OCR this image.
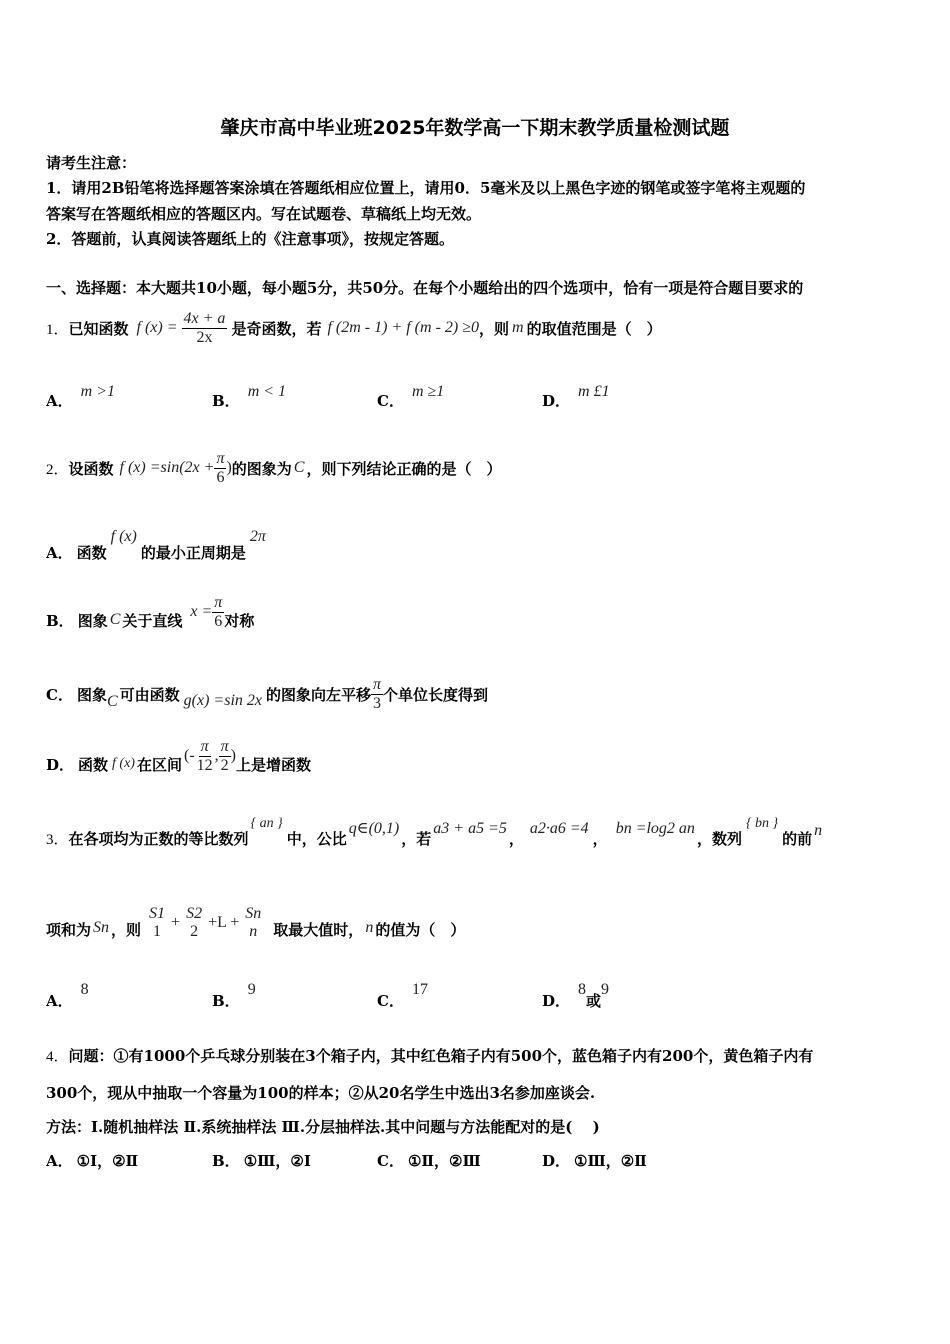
肇庆市高中毕业班2025年数学高一下期末教学质量检测试题
请考生注意：
1．请用2B铅笔将选择题答案涂填在答题纸相应位置上，请用0．5毫米及以上黑色字迹的钢笔或签字笔将主观题的
答案写在答题纸相应的答题区内。写在试题卷、草稿纸上均无效。
2．答题前，认真阅读答题纸上的《注意事项》，按规定答题。
一、选择题：本大题共10小题，每小题5分，共50分。在每个小题给出的四个选项中，恰有一项是符合题目要求的
1． 已知函数 f $(x) = \frac{4x + a}{2x}$ 是奇函数，若 f (2m - 1) + f (m - 2) ≥0 ，则 m 的取值范围是（　）
A．m >1
B．m < 1
C．m ≥1
D．m £1
2． 设函数 f $(x) =\sin(2x + \frac{\pi}{6}$ ) 的图象为 C ，则下列结论正确的是（　）
A． 函数
f (x)
的最小正周期是
2π
B． 图象 C 关于直线 $x = \frac{\pi}{6}$ 对称
C． 图象 C 可由函数 g(x) =sin 2x 的图象向左平移 $\frac{\pi}{3}$ 个单位长度得到
D． 函数 f (x) 在区间 (- $\frac{\pi}{12}$ , $\frac{\pi}{2}$ ) 上是增函数
3． 在各项均为正数的等比数列
{ an }
中，公比
q∈(0,1)
，若
a3 + a5 =5
，
a2·a6 =4
，
bn =log2 an
，数列
{ bn }
的前 n
项和为 Sn ，则
S1
1
+
S2
2
+L +
Sn
n 取最大值时， n 的值为（　）
A．8
B．9
C．17
D．8或9
4．问题：①有1000个乒乓球分别装在3个箱子内，其中红色箱子内有500个，蓝色箱子内有200个，黄色箱子内有
300个，现从中抽取一个容量为100的样本；②从20名学生中选出3名参加座谈会.
方法：Ⅰ.随机抽样法 Ⅱ.系统抽样法 Ⅲ.分层抽样法.其中问题与方法能配对的是(　 )
A． ①Ⅰ，②Ⅱ	B． ①Ⅲ，②Ⅰ	C． ①Ⅱ，②Ⅲ	D． ①Ⅲ，②Ⅱ
